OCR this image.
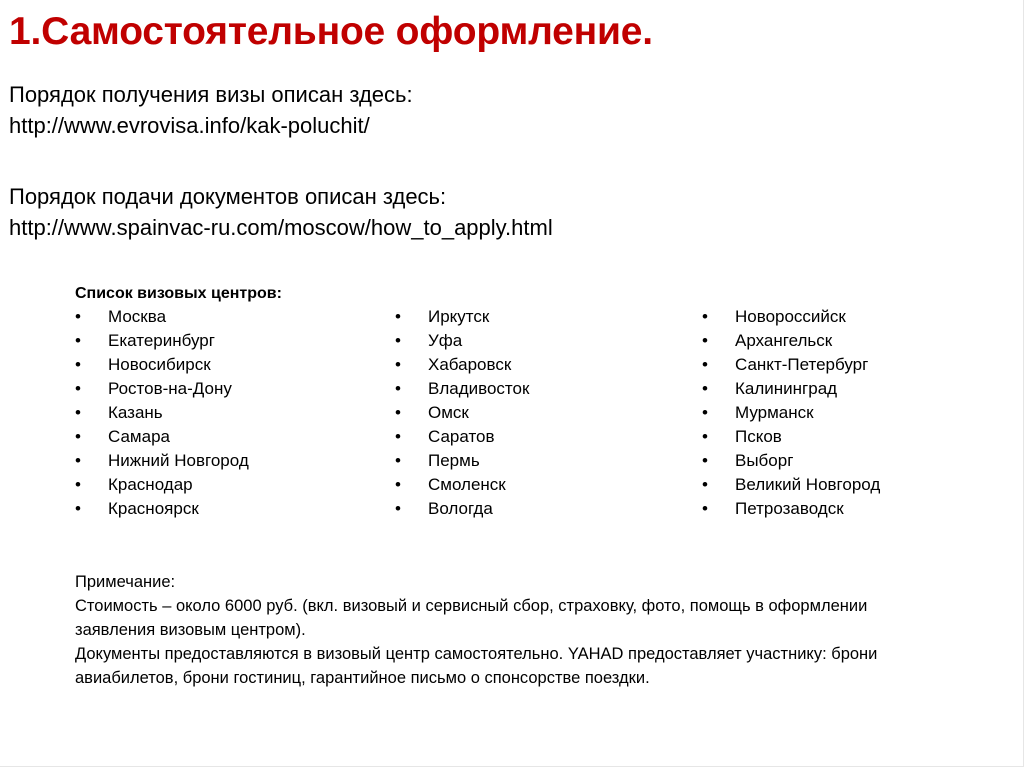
1.Самостоятельное оформление.
Порядок получения визы описан здесь:
http://www.evrovisa.info/kak-poluchit/
Порядок подачи документов описан здесь:
http://www.spainvac-ru.com/moscow/how_to_apply.html
Список визовых центров:
• Москва
• Екатеринбург
• Новосибирск
• Ростов-на-Дону
• Казань
• Самара
• Нижний Новгород
• Краснодар
• Красноярск
• Иркутск
• Уфа
• Хабаровск
• Владивосток
• Омск
• Саратов
• Пермь
• Смоленск
• Вологда
• Новороссийск
• Архангельск
• Санкт-Петербург
• Калининград
• Мурманск
• Псков
• Выборг
• Великий Новгород
• Петрозаводск
Примечание:
Стоимость – около 6000 руб. (вкл. визовый и сервисный сбор, страховку, фото, помощь в оформлении
заявления визовым центром).
Документы предоставляются в визовый центр самостоятельно. YAHAD предоставляет участнику: брони
авиабилетов, брони гостиниц, гарантийное письмо о спонсорстве поездки.
